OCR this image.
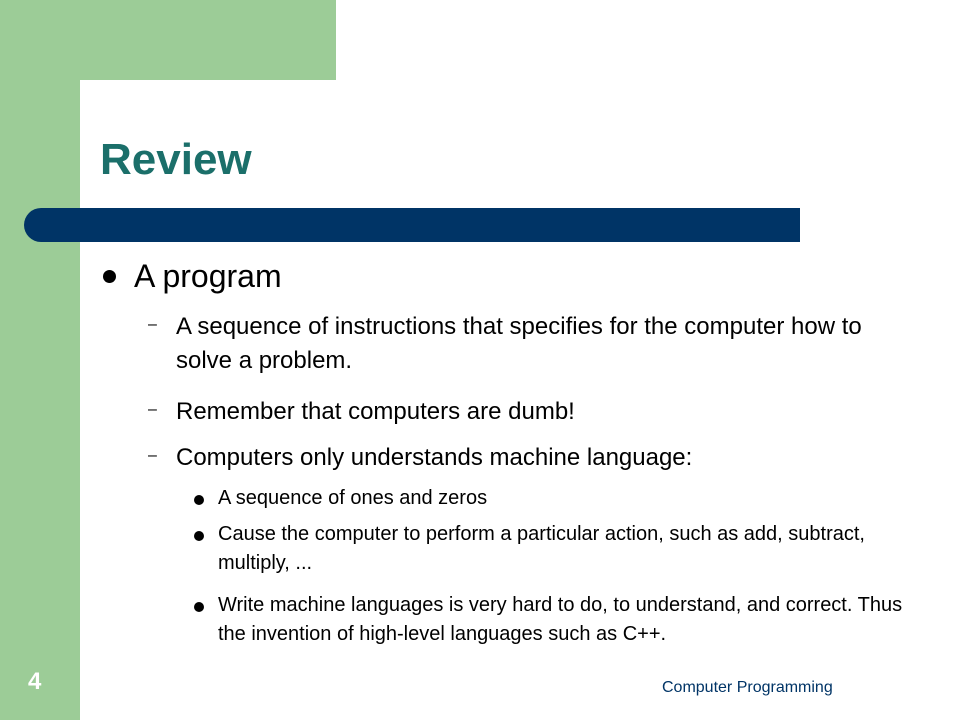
Review
A program
– A sequence of instructions that specifies for the computer how to solve a problem.
– Remember that computers are dumb!
– Computers only understands machine language:
A sequence of ones and zeros
Cause the computer to perform a particular action, such as add, subtract, multiply, ...
Write machine languages is very hard to do, to understand, and correct. Thus the invention of high-level languages such as C++.
4	Computer Programming
